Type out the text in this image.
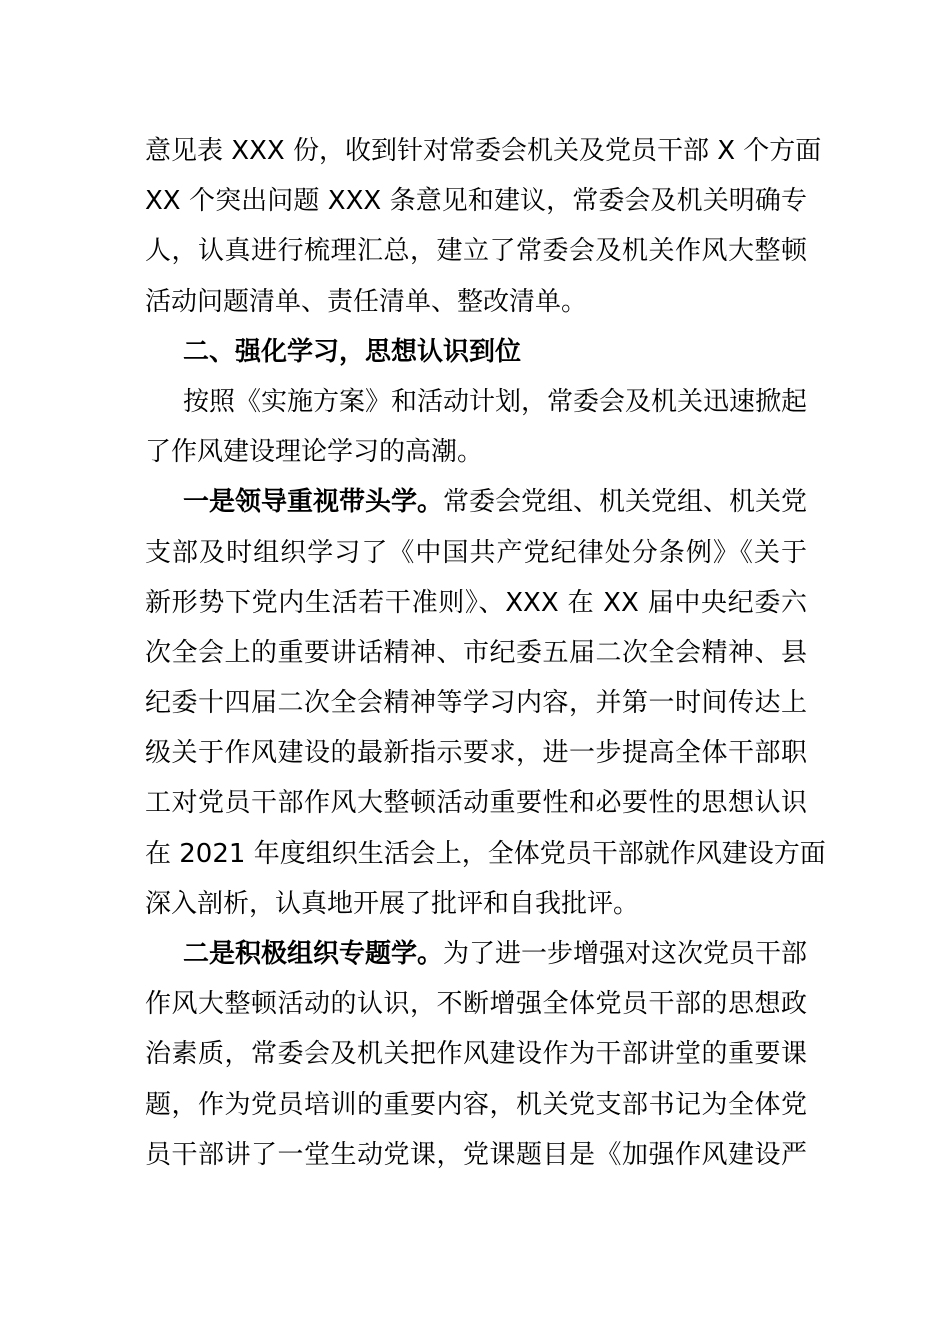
意见表 XXX 份，收到针对常委会机关及党员干部 X 个方面
XX 个突出问题 XXX 条意见和建议，常委会及机关明确专
人，认真进行梳理汇总，建立了常委会及机关作风大整顿
活动问题清单、责任清单、整改清单。
二、强化学习，思想认识到位
按照《实施方案》和活动计划，常委会及机关迅速掀起
了作风建设理论学习的高潮。
一是领导重视带头学。常委会党组、机关党组、机关党
支部及时组织学习了《中国共产党纪律处分条例》《关于
新形势下党内生活若干准则》、XXX 在 XX 届中央纪委六
次全会上的重要讲话精神、市纪委五届二次全会精神、县
纪委十四届二次全会精神等学习内容，并第一时间传达上
级关于作风建设的最新指示要求，进一步提高全体干部职
工对党员干部作风大整顿活动重要性和必要性的思想认识
在 2021 年度组织生活会上，全体党员干部就作风建设方面
深入剖析，认真地开展了批评和自我批评。
二是积极组织专题学。为了进一步增强对这次党员干部
作风大整顿活动的认识，不断增强全体党员干部的思想政
治素质，常委会及机关把作风建设作为干部讲堂的重要课
题，作为党员培训的重要内容，机关党支部书记为全体党
员干部讲了一堂生动党课，党课题目是《加强作风建设严
